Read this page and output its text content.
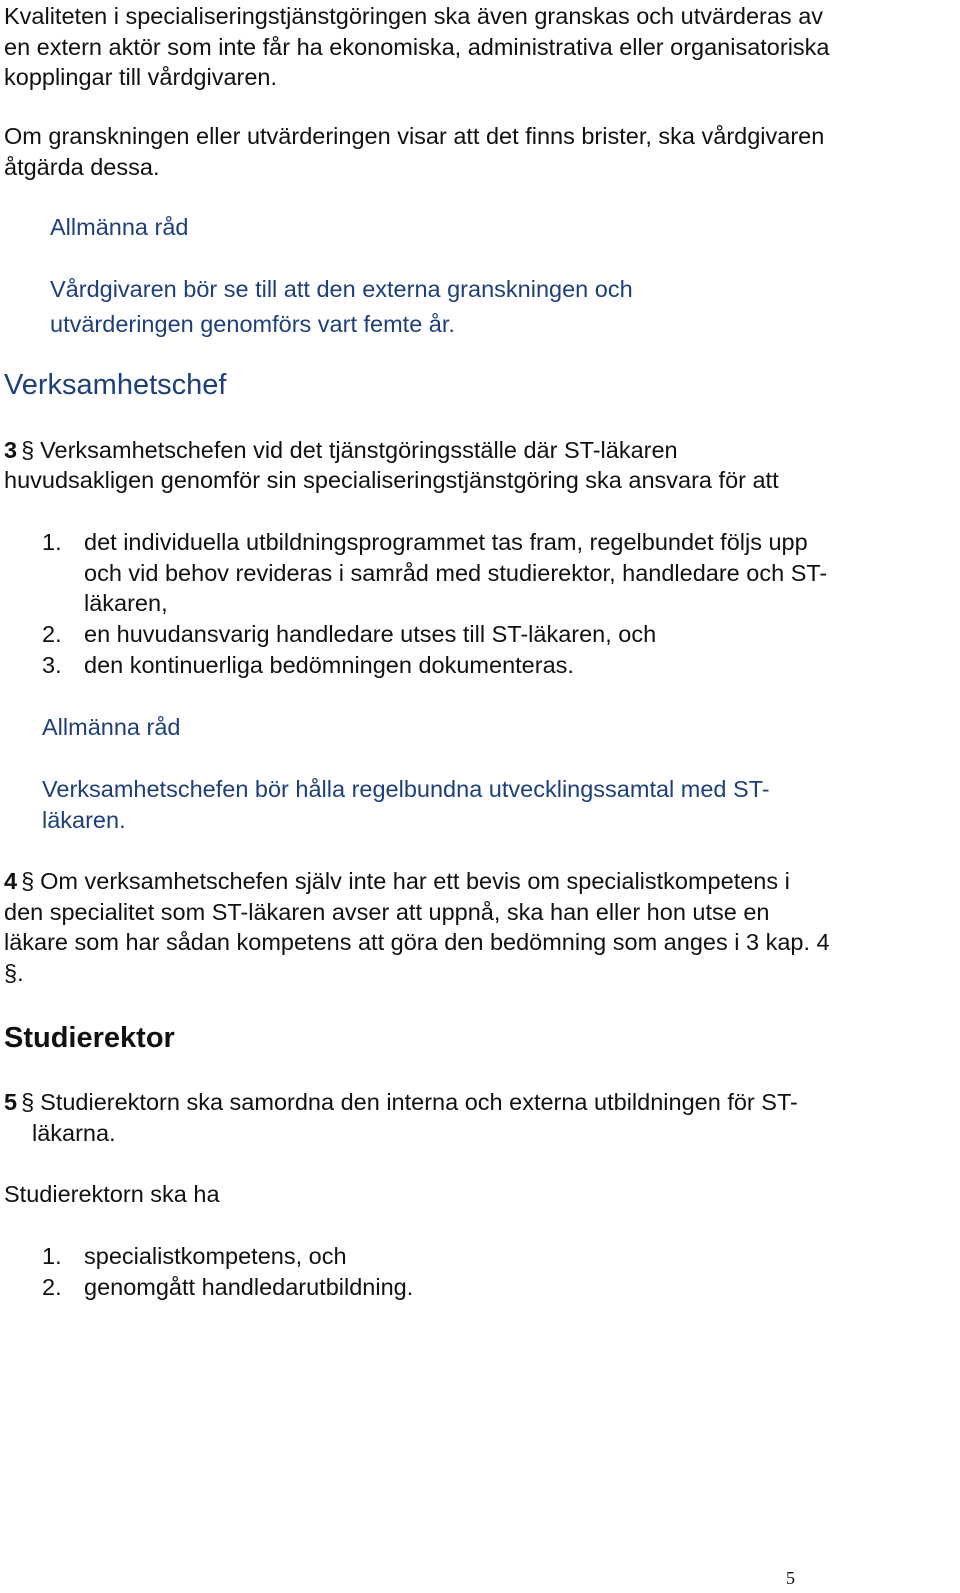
Kvaliteten i specialiseringstjänstgöringen ska även granskas och utvärderas av
en extern aktör som inte får ha ekonomiska, administrativa eller organisatoriska
kopplingar till vårdgivaren.
Om granskningen eller utvärderingen visar att det finns brister, ska vårdgivaren
åtgärda dessa.
Allmänna råd
Vårdgivaren bör se till att den externa granskningen och
utvärderingen genomförs vart femte år.
Verksamhetschef
3 § Verksamhetschefen vid det tjänstgöringsställe där ST-läkaren
huvudsakligen genomför sin specialiseringstjänstgöring ska ansvara för att
1. det individuella utbildningsprogrammet tas fram, regelbundet följs upp
och vid behov revideras i samråd med studierektor, handledare och ST-
läkaren,
2. en huvudansvarig handledare utses till ST-läkaren, och
3. den kontinuerliga bedömningen dokumenteras.
Allmänna råd
Verksamhetschefen bör hålla regelbundna utvecklingssamtal med ST-
läkaren.
4 § Om verksamhetschefen själv inte har ett bevis om specialistkompetens i
den specialitet som ST-läkaren avser att uppnå, ska han eller hon utse en
läkare som har sådan kompetens att göra den bedömning som anges i 3 kap. 4
§.
Studierektor
5 § Studierektorn ska samordna den interna och externa utbildningen för ST-
läkarna.
Studierektorn ska ha
1. specialistkompetens, och
2. genomgått handledarutbildning.
5
